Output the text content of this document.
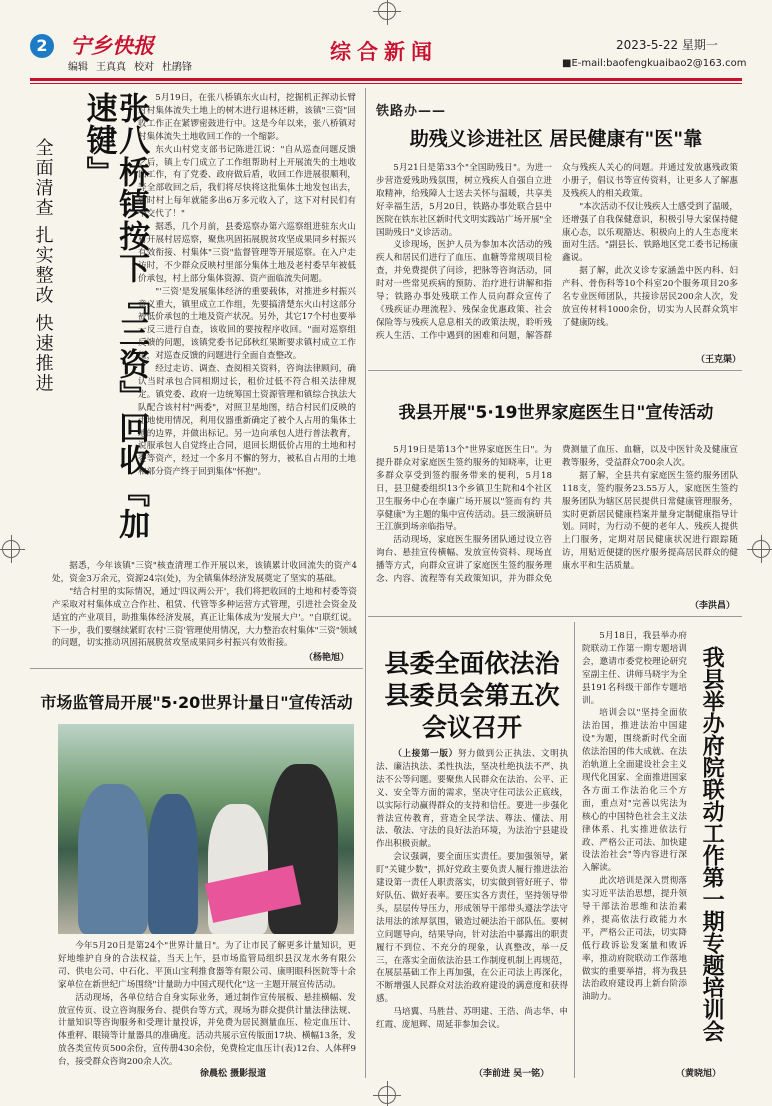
2	宁乡快报
编辑 王真真 校对 杜鹃锋
综合新闻	2023-5-22 星期一
■E-mail:baofengkuaibao2@163.com
全面清查 扎实整改 快速推进	张八桥镇按下『三资』回收『加速键』	5月19日，在张八桥镇东火山村，挖掘机正挥动长臂对村集体流失土地上的树木进行退林还耕，该镇"三资"回收工作正在紧锣密鼓进行中。这是今年以来，张八桥镇对村集体流失土地收回工作的一个缩影。

东火山村党支部书记陈进江说："自从巡查问题反馈之后，镇上专门成立了工作组帮助村上开展流失的土地收回工作，有了党委、政府做后盾，收回工作进展很顺利，等全部收回之后，我们将尽快将这批集体土地发包出去，到时村上每年就能多出6万多元收入了，这下对村民们有个交代了！"

据悉，几个月前，县委巡察办第六巡察组进驻东火山村开展村居巡察，聚焦巩固拓展脱贫攻坚成果同乡村振兴有效衔接、村集体"三资"监督管理等开展巡察。在入户走访时，不少群众反映村里部分集体土地及老村委早年被低价承包，村上部分集体资源、资产面临流失问题。

"'三资'是发展集体经济的重要载体，对推进乡村振兴意义重大，镇里成立工作组，先要搞清楚东火山村这部分被低价承包的土地及资产状况。另外，其它17个村也要举一反三进行自查，该收回的要按程序收回。"面对巡察组反馈的问题，该镇党委书记邱秋红果断要求镇村成立工作组，对巡查反馈的问题进行全面自查整改。

经过走访、调查、查阅相关资料，咨询法律顾问，确认当时承包合同相期过长，租价过低不符合相关法律规定。镇党委、政府一边统筹国土资源管理和镇综合执法大队配合该村村"两委"，对照卫星地图，结合村民们反映的土地使用情况，利用仪器重新确定了被个人占用的集体土地的边界，并做出标记。另一边向承包人进行普法教育，说服承包人自觉终止合同，退回长期低价占用的土地和村委等资产，经过一个多月不懈的努力，被私自占用的土地和部分资产终于回到集体"怀抱"。

据悉，今年该镇"三资"核查清理工作开展以来，该镇累计收回流失的资产4处，资金3万余元，资源24宗(处)，为全镇集体经济发展奠定了坚实的基础。

"结合村里的实际情况，通过'四议两公开'，我们将把收回的土地和村委等资产采取对村集体成立合作社、租赁、代管等多种运营方式管理，引进社会资金及适宜的产业项目，助推集体经济发展，真正让集体成为'发展大户'。"自联红说。下一步，我们要继续紧盯农村'三资'管理使用情况，大力整治农村集体"三资"领域的问题，切实推动巩固拓展脱贫攻坚成果同乡村振兴有效衔接。

（杨艳旭）
市场监管局开展"5·20世界计量日"宣传活动

今年5月20日是第24个"世界计量日"。为了让市民了解更多计量知识，更好地维护自身的合法权益，当天上午，县市场监管局组织县汉龙水务有限公司、供电公司、中石化、平顶山宝利推食器等有限公司、康明眼科医院等十余家单位在新世纪广场围绕"计量助力中国式现代化"这一主题开展宣传活动。

活动现场，各单位结合自身实际业务，通过制作宣传展板、悬挂横幅、发放宣传页、设立咨询服务台、提供台等方式，现场为群众提供计量法律法规、计量知识等咨询服务和受理计量投诉，并免费为居民测量血压、检定血压计、体重秤、眼镜等计量器具的准确度。活动共展示宣传版面17块、横幅13条，发放各类宣传页500余份，宣传册430余份，免费检定血压计(表)12台、人体秤9台，接受群众咨询200余人次。

徐晨松 摄影报道
铁路办——
助残义诊进社区 居民健康有"医"靠

5月21日是第33个"全国助残日"。为进一步营造爱残助残氛围，树立残疾人自强自立进取精神，给残障人士送去关怀与温暖，共享美好幸福生活，5月20日，铁路办事处联合县中医院在铁东社区新时代文明实践站广场开展"全国助残日"义诊活动。

义诊现场，医护人员为参加本次活动的残疾人和居民们进行了血压、血糖等常规项目检查，并免费提供了问诊，把脉等咨询活动，同时对一些常见疾病的预防、治疗进行讲解和指导；铁路办事处残联工作人员向群众宣传了《残疾证办理流程》、残保金优惠政策、社会保险等与残疾人息息相关的政策法规，聆听残疾人生活、工作中遇到的困难和问题，解答群众与残疾人关心的问题。并通过发放惠残政策小册子，倡议书等宣传资料，让更多人了解惠及残疾人的相关政策。

"本次活动不仅让残疾人士感受到了温暖，还增强了自我保健意识，积极引导大家保持健康心态，以乐观豁达、积极向上的人生态度来面对生活。"副县长、铁路地区党工委书记杨康鑫说。

据了解，此次义诊专家涵盖中医内科、妇产科、骨伤科等10个科室20个服务项目20多名专业医师团队，共接诊居民200余人次，发放宣传材料1000余份，切实为人民群众筑牢了健康防线。

（王克渠）
我县开展"5·19世界家庭医生日"宣传活动

5月19日是第13个"世界家庭医生日"。为提升群众对家庭医生签约服务的知晓率，让更多群众享受到签约服务带来的便利，5月18日，县卫健委组织13个乡镇卫生院和4个社区卫生服务中心在李廉广场开展以"签而有约 共享健康"为主题的集中宣传活动。县三级演研员王江旗到场亲临指导。

活动现场，家庭医生服务团队通过设立咨询台、悬挂宣传横幅、发放宣传资料、现场直播等方式，向群众宣讲了家庭医生签约服务理念、内容、流程等有关政策知识，并为群众免费测量了血压、血糖，以及中医针灸及健康宣教等服务，受益群众700余人次。

据了解，全县共有家庭医生签约服务团队118支，签约服务23.55万人，家庭医生签约服务团队为辖区居民提供日常健康管理服务，实时更新居民健康档案并量身定制健康指导计划。同时，为行动不便的老年人、残疾人提供上门服务，定期对居民健康状况进行跟踪随访，用贴近便捷的医疗服务提高居民群众的健康水平和生活质量。

（李洪昌）
县委全面依法治县委员会第五次会议召开

（上接第一版）努力做到公正执法、文明执法、廉洁执法、柔性执法，坚决杜绝执法不严、执法不公等问题。要聚焦人民群众在法治、公平、正义、安全等方面的需求，坚决守住司法公正底线，以实际行动赢得群众的支持和信任。要进一步强化普法宣传教育，营造全民学法、尊法、懂法、用法、敬法、守法的良好法治环境，为法治宁县建设作出积极贡献。

会议强调，要全面压实责任。要加强领导，紧盯"关键少数"，抓好党政主要负责人履行推进法治建设第一责任人职责落实，切实做到管好班子、带好队伍、做好表率。要压实各方责任，坚持领导带头，层层传导压力，形成领导干部带头遵法学法守法用法的浓厚氛围，锻造过硬法治干部队伍。要树立问题导向，结果导向，针对法治中暴露出的职责履行不到位、不充分的现象，认真整改，举一反三，在落实全面依法治县工作制度机制上再规范，在展层基础工作上再加强，在公正司法上再深化，不断增强人民群众对法治政府建设的满意度和获得感。

马培翼、马胜昔、苏明建、王浩、尚志华、申红霞、庞旭辉、周延菲参加会议。

（李前进 吴一铭）

5月18日，我县举办府院联动工作第一期专题培训会，邀请市委党校理论研究室副主任、讲师马晓宇为全县191名科级干部作专题培训。

培训会以"坚持全面依法治国，推进法治中国建设"为题，围绕新时代全面依法治国的伟大成就、在法治轨道上全面建设社会主义现代化国家、全面推进国家各方面工作法治化三个方面，重点对"完善以宪法为核心的中国特色社会主义法律体系、扎实推进依法行政、严格公正司法、加快建设法治社会"等内容进行深入解读。

此次培训是深入贯彻落实习近平法治思想，提升领导干部法治思维和法治素养，提高依法行政能力水平，严格公正司法，切实降低行政诉讼发案量和败诉率，推动府院联动工作落地做实的重要举措，将为我县法治政府建设再上新台阶添油助力。	我县举办府院联动工作第一期专题培训会
（黄晓旭）
